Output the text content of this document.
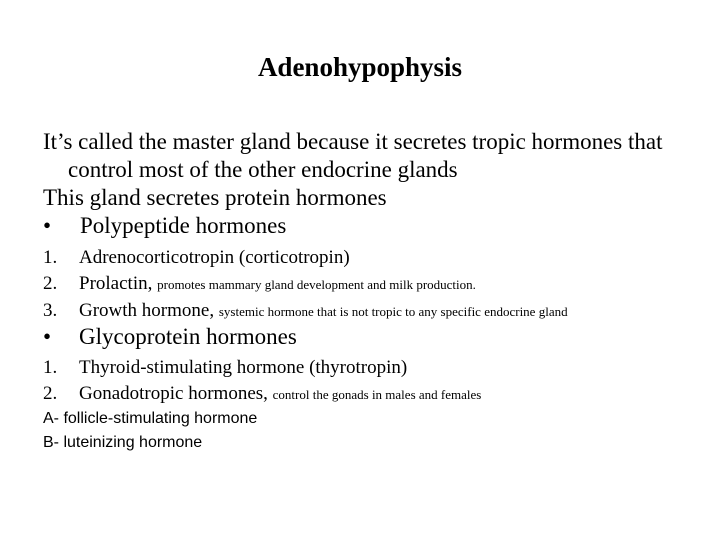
Adenohypophysis

It’s called the master gland because it secretes tropic hormones that control most of the other endocrine glands

This gland secretes protein hormones

•	Polypeptide hormones
1.	Adrenocorticotropin (corticotropin)
2.	Prolactin,
promotes mammary gland development and milk production.
3.	Growth hormone,
systemic hormone that is not tropic to any specific endocrine gland
•	Glycoprotein hormones
1.	Thyroid-stimulating hormone (thyrotropin)
2.	Gonadotropic hormones,
control the gonads in males and females

A- follicle-stimulating hormone

B- luteinizing hormone
